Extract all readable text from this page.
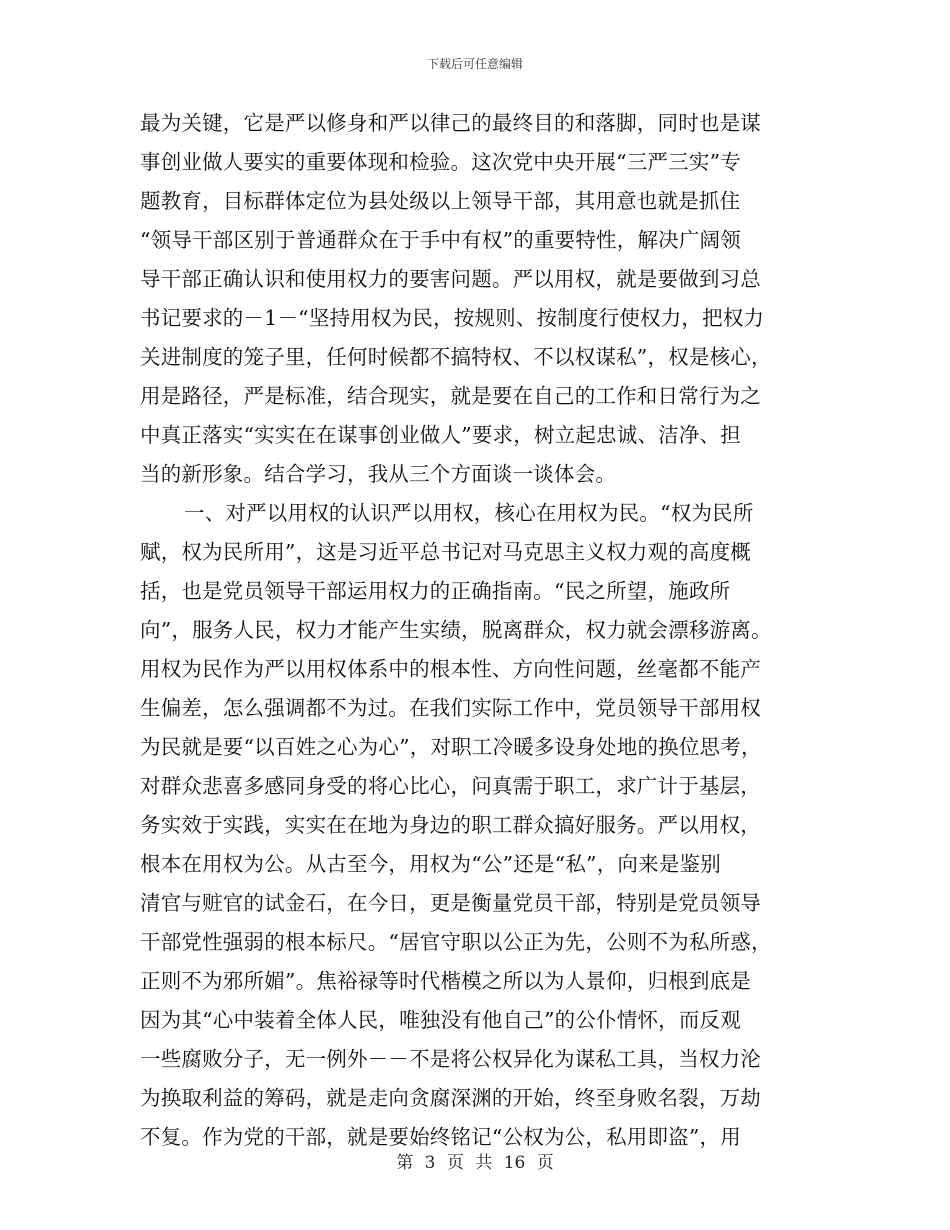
下载后可任意编辑
最为关键，它是严以修身和严以律己的最终目的和落脚，同时也是谋
事创业做人要实的重要体现和检验。这次党中央开展“三严三实”专
题教育，目标群体定位为县处级以上领导干部，其用意也就是抓住
“领导干部区别于普通群众在于手中有权”的重要特性，解决广阔领
导干部正确认识和使用权力的要害问题。严以用权，就是要做到习总
书记要求的－1－“坚持用权为民，按规则、按制度行使权力，把权力
关进制度的笼子里，任何时候都不搞特权、不以权谋私”，权是核心，
用是路径，严是标准，结合现实，就是要在自己的工作和日常行为之
中真正落实“实实在在谋事创业做人”要求，树立起忠诚、洁净、担
当的新形象。结合学习，我从三个方面谈一谈体会。
一、对严以用权的认识严以用权，核心在用权为民。“权为民所
赋，权为民所用”，这是习近平总书记对马克思主义权力观的高度概
括，也是党员领导干部运用权力的正确指南。“民之所望，施政所
向”，服务人民，权力才能产生实绩，脱离群众，权力就会漂移游离。
用权为民作为严以用权体系中的根本性、方向性问题，丝毫都不能产
生偏差，怎么强调都不为过。在我们实际工作中，党员领导干部用权
为民就是要“以百姓之心为心”，对职工冷暖多设身处地的换位思考，
对群众悲喜多感同身受的将心比心，问真需于职工，求广计于基层，
务实效于实践，实实在在地为身边的职工群众搞好服务。严以用权，
根本在用权为公。从古至今，用权为“公”还是“私”，向来是鉴别
清官与赃官的试金石，在今日，更是衡量党员干部，特别是党员领导
干部党性强弱的根本标尺。“居官守职以公正为先，公则不为私所惑，
正则不为邪所媚”。焦裕禄等时代楷模之所以为人景仰，归根到底是
因为其“心中装着全体人民，唯独没有他自己”的公仆情怀，而反观
一些腐败分子，无一例外－－不是将公权异化为谋私工具，当权力沦
为换取利益的筹码，就是走向贪腐深渊的开始，终至身败名裂，万劫
不复。作为党的干部，就是要始终铭记“公权为公，私用即盗”，用
第 3 页 共 16 页
